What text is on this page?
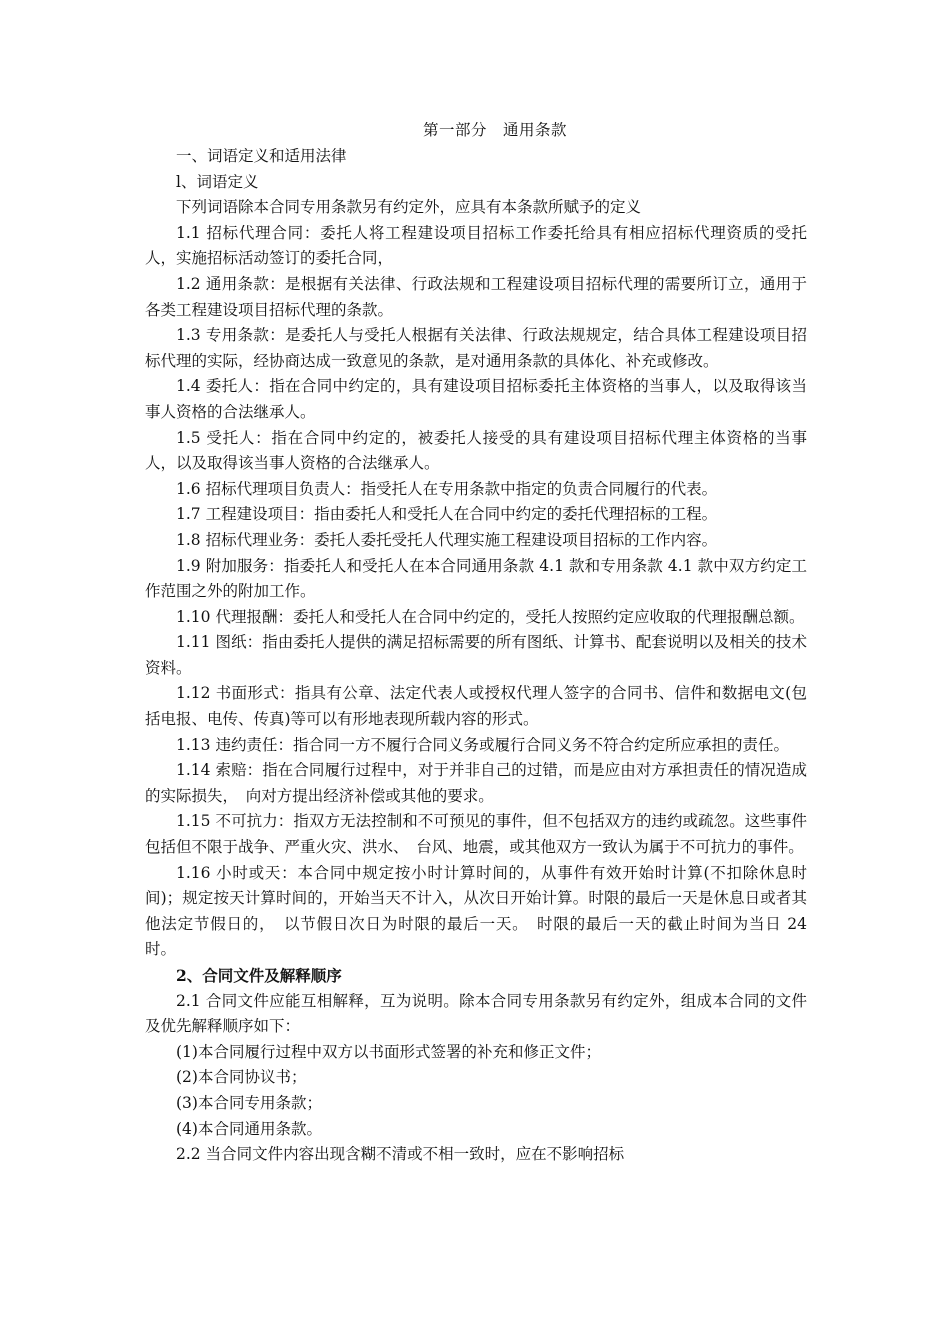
第一部分　通用条款

一、词语定义和适用法律

l、词语定义

下列词语除本合同专用条款另有约定外，应具有本条款所赋予的定义

1.1 招标代理合同：委托人将工程建设项目招标工作委托给具有相应招标代理资质的受托人，实施招标活动签订的委托合同，

1.2 通用条款：是根据有关法律、行政法规和工程建设项目招标代理的需要所订立，通用于各类工程建设项目招标代理的条款。

1.3 专用条款：是委托人与受托人根据有关法律、行政法规规定，结合具体工程建设项目招标代理的实际，经协商达成一致意见的条款，是对通用条款的具体化、补充或修改。

1.4 委托人：指在合同中约定的，具有建设项目招标委托主体资格的当事人，以及取得该当事人资格的合法继承人。

1.5 受托人：指在合同中约定的，被委托人接受的具有建设项目招标代理主体资格的当事人，以及取得该当事人资格的合法继承人。

1.6 招标代理项目负责人：指受托人在专用条款中指定的负责合同履行的代表。

1.7 工程建设项目：指由委托人和受托人在合同中约定的委托代理招标的工程。

1.8 招标代理业务：委托人委托受托人代理实施工程建设项目招标的工作内容。

1.9 附加服务：指委托人和受托人在本合同通用条款 4.1 款和专用条款 4.1 款中双方约定工作范围之外的附加工作。

1.10 代理报酬：委托人和受托人在合同中约定的，受托人按照约定应收取的代理报酬总额。

1.11 图纸：指由委托人提供的满足招标需要的所有图纸、计算书、配套说明以及相关的技术资料。

1.12 书面形式：指具有公章、法定代表人或授权代理人签字的合同书、信件和数据电文(包括电报、电传、传真)等可以有形地表现所载内容的形式。

1.13 违约责任：指合同一方不履行合同义务或履行合同义务不符合约定所应承担的责任。

1.14 索赔：指在合同履行过程中，对于并非自己的过错，而是应由对方承担责任的情况造成的实际损失，　向对方提出经济补偿或其他的要求。

1.15 不可抗力：指双方无法控制和不可预见的事件，但不包括双方的违约或疏忽。这些事件包括但不限于战争、严重火灾、洪水、　台风、地震，或其他双方一致认为属于不可抗力的事件。

1.16 小时或天：本合同中规定按小时计算时间的，从事件有效开始时计算(不扣除休息时间)；规定按天计算时间的，开始当天不计入，从次日开始计算。时限的最后一天是休息日或者其他法定节假日的，　以节假日次日为时限的最后一天。　时限的最后一天的截止时间为当日 24 时。

2、合同文件及解释顺序

2.1 合同文件应能互相解释，互为说明。除本合同专用条款另有约定外，组成本合同的文件及优先解释顺序如下：

(1)本合同履行过程中双方以书面形式签署的补充和修正文件；

(2)本合同协议书；

(3)本合同专用条款；

(4)本合同通用条款。

2.2 当合同文件内容出现含糊不清或不相一致时，应在不影响招标
